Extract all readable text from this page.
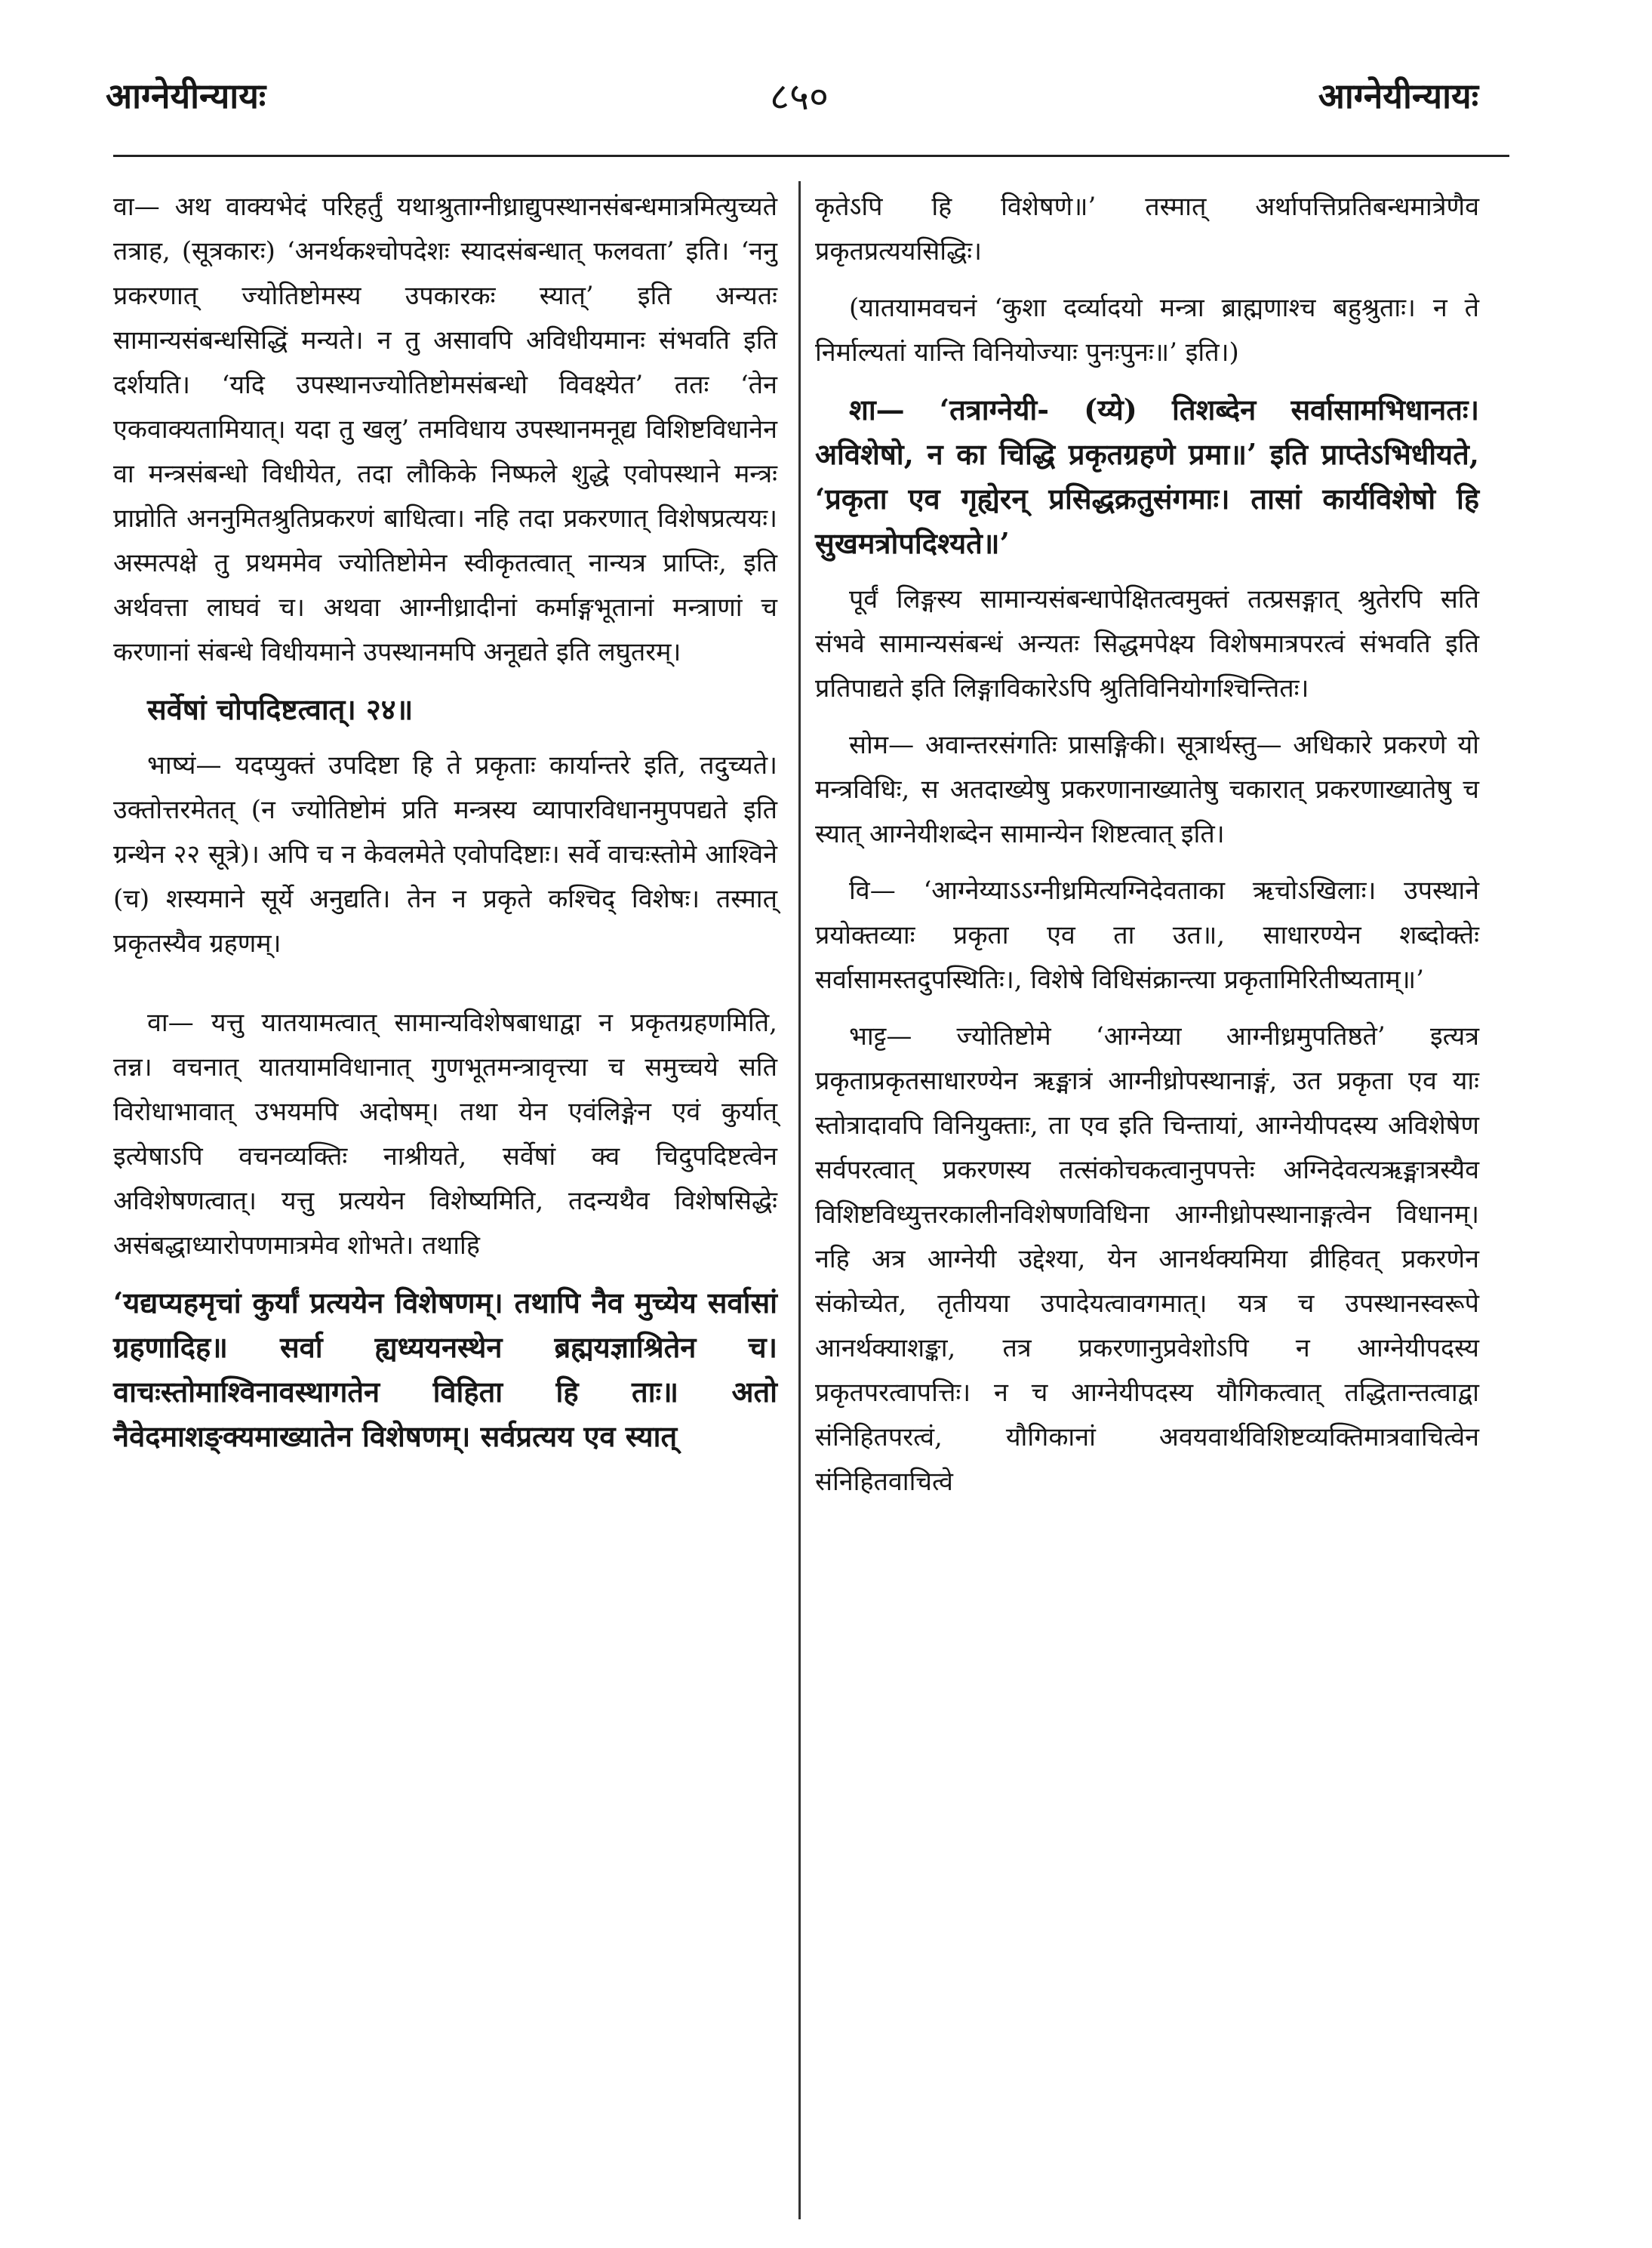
आग्नेयीन्यायः	८५०	आग्नेयीन्यायः

वा— अथ वाक्यभेदं परिहर्तुं यथाश्रुताग्नीध्राद्युपस्थानसंबन्धमात्रमित्युच्यते तत्राह, (सूत्रकारः) ‘अनर्थकश्चोपदेशः स्यादसंबन्धात् फलवता’ इति। ‘ननु प्रकरणात् ज्योतिष्टोमस्य उपकारकः स्यात्’ इति अन्यतः सामान्यसंबन्धसिद्धिं मन्यते। न तु असावपि अविधीयमानः संभवति इति दर्शयति। ‘यदि उपस्थानज्योतिष्टोमसंबन्धो विवक्ष्येत’ ततः ‘तेन एकवाक्यतामियात्। यदा तु खलु’ तमविधाय उपस्थानमनूद्य विशिष्टविधानेन वा मन्त्रसंबन्धो विधीयेत, तदा लौकिके निष्फले शुद्धे एवोपस्थाने मन्त्रः प्राप्नोति अननुमितश्रुतिप्रकरणं बाधित्वा। नहि तदा प्रकरणात् विशेषप्रत्ययः। अस्मत्पक्षे तु प्रथममेव ज्योतिष्टोमेन स्वीकृतत्वात् नान्यत्र प्राप्तिः, इति अर्थवत्ता लाघवं च। अथवा आग्नीध्रादीनां कर्माङ्गभूतानां मन्त्राणां च करणानां संबन्धे विधीयमाने उपस्थानमपि अनूद्यते इति लघुतरम्।

सर्वेषां चोपदिष्टत्वात्। २४॥

भाष्यं— यदप्युक्तं उपदिष्टा हि ते प्रकृताः कार्यान्तरे इति, तदुच्यते। उक्तोत्तरमेतत् (न ज्योतिष्टोमं प्रति मन्त्रस्य व्यापारविधानमुपपद्यते इति ग्रन्थेन २२ सूत्रे)। अपि च न केवलमेते एवोपदिष्टाः। सर्वे वाचःस्तोमे आश्विने (च) शस्यमाने सूर्ये अनुद्यति। तेन न प्रकृते कश्चिद् विशेषः। तस्मात् प्रकृतस्यैव ग्रहणम्।

वा— यत्तु यातयामत्वात् सामान्यविशेषबाधाद्वा न प्रकृतग्रहणमिति, तन्न। वचनात् यातयामविधानात् गुणभूतमन्त्रावृत्त्या च समुच्चये सति विरोधाभावात् उभयमपि अदोषम्। तथा येन एवंलिङ्गेन एवं कुर्यात् इत्येषाऽपि वचनव्यक्तिः नाश्रीयते, सर्वेषां क्व चिदुपदिष्टत्वेन अविशेषणत्वात्। यत्तु प्रत्ययेन विशेष्यमिति, तदन्यथैव विशेषसिद्धेः असंबद्धाध्यारोपणमात्रमेव शोभते। तथाहि

‘यद्यप्यहमृचां कुर्यां प्रत्ययेन विशेषणम्। तथापि नैव मुच्येय सर्वासां ग्रहणादिह॥ सर्वा ह्यध्ययनस्थेन ब्रह्मयज्ञाश्रितेन च। वाचःस्तोमाश्विनावस्थागतेन विहिता हि ताः॥ अतो नैवेदमाशङ्क्यमाख्यातेन विशेषणम्। सर्वप्रत्यय एव स्यात्

कृतेऽपि हि विशेषणे॥’ तस्मात् अर्थापत्तिप्रतिबन्धमात्रेणैव प्रकृतप्रत्ययसिद्धिः।

(यातयामवचनं ‘कुशा दर्व्यादयो मन्त्रा ब्राह्मणाश्च बहुश्रुताः। न ते निर्माल्यतां यान्ति विनियोज्याः पुनःपुनः॥’ इति।)

शा— ‘तत्राग्नेयी- (य्ये) तिशब्देन सर्वासामभिधानतः। अविशेषो, न का चिद्धि प्रकृतग्रहणे प्रमा॥’ इति प्राप्तेऽभिधीयते, ‘प्रकृता एव गृह्येरन् प्रसिद्धक्रतुसंगमाः। तासां कार्यविशेषो हि सुखमत्रोपदिश्यते॥’

पूर्वं लिङ्गस्य सामान्यसंबन्धापेक्षितत्वमुक्तं तत्प्रसङ्गात् श्रुतेरपि सति संभवे सामान्यसंबन्धं अन्यतः सिद्धमपेक्ष्य विशेषमात्रपरत्वं संभवति इति प्रतिपाद्यते इति लिङ्गाविकारेऽपि श्रुतिविनियोगश्चिन्तितः।

सोम— अवान्तरसंगतिः प्रासङ्गिकी। सूत्रार्थस्तु— अधिकारे प्रकरणे यो मन्त्रविधिः, स अतदाख्येषु प्रकरणानाख्यातेषु चकारात् प्रकरणाख्यातेषु च स्यात् आग्नेयीशब्देन सामान्येन शिष्टत्वात् इति।

वि— ‘आग्नेय्याऽऽग्नीध्रमित्यग्निदेवताका ऋचोऽखिलाः। उपस्थाने प्रयोक्तव्याः प्रकृता एव ता उत॥, साधारण्येन शब्दोक्तेः सर्वासामस्तदुपस्थितिः।, विशेषे विधिसंक्रान्त्या प्रकृतामिरितीष्यताम्॥’

भाट्ट— ज्योतिष्टोमे ‘आग्नेय्या आग्नीध्रमुपतिष्ठते’ इत्यत्र प्रकृताप्रकृतसाधारण्येन ऋङ्मात्रं आग्नीध्रोपस्थानाङ्गं, उत प्रकृता एव याः स्तोत्रादावपि विनियुक्ताः, ता एव इति चिन्तायां, आग्नेयीपदस्य अविशेषेण सर्वपरत्वात् प्रकरणस्य तत्संकोचकत्वानुपपत्तेः अग्निदेवत्यऋङ्मात्रस्यैव विशिष्टविध्युत्तरकालीनविशेषणविधिना आग्नीध्रोपस्थानाङ्गत्वेन विधानम्। नहि अत्र आग्नेयी उद्देश्या, येन आनर्थक्यमिया व्रीहिवत् प्रकरणेन संकोच्येत, तृतीयया उपादेयत्वावगमात्। यत्र च उपस्थानस्वरूपे आनर्थक्याशङ्का, तत्र प्रकरणानुप्रवेशोऽपि न आग्नेयीपदस्य प्रकृतपरत्वापत्तिः। न च आग्नेयीपदस्य यौगिकत्वात् तद्धितान्तत्वाद्वा संनिहितपरत्वं, यौगिकानां अवयवार्थविशिष्टव्यक्तिमात्रवाचित्वेन संनिहितवाचित्वे
